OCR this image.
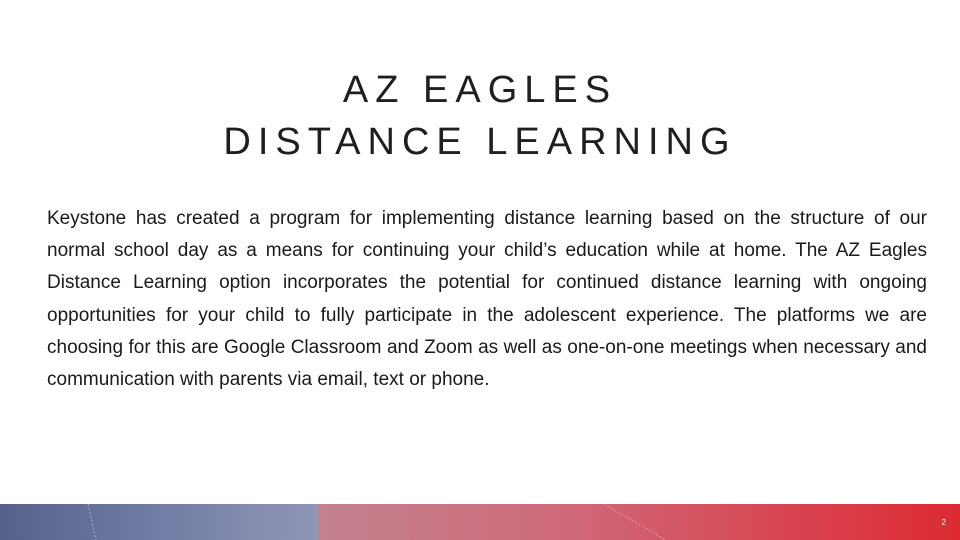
AZ EAGLES
DISTANCE LEARNING
Keystone has created a program for implementing distance learning based on the structure of our normal school day as a means for continuing your child’s education while at home. The AZ Eagles Distance Learning option incorporates the potential for continued distance learning with ongoing opportunities for your child to fully participate in the adolescent experience. The platforms we are choosing for this are Google Classroom and Zoom as well as one-on-one meetings when necessary and communication with parents via email, text or phone.
2
